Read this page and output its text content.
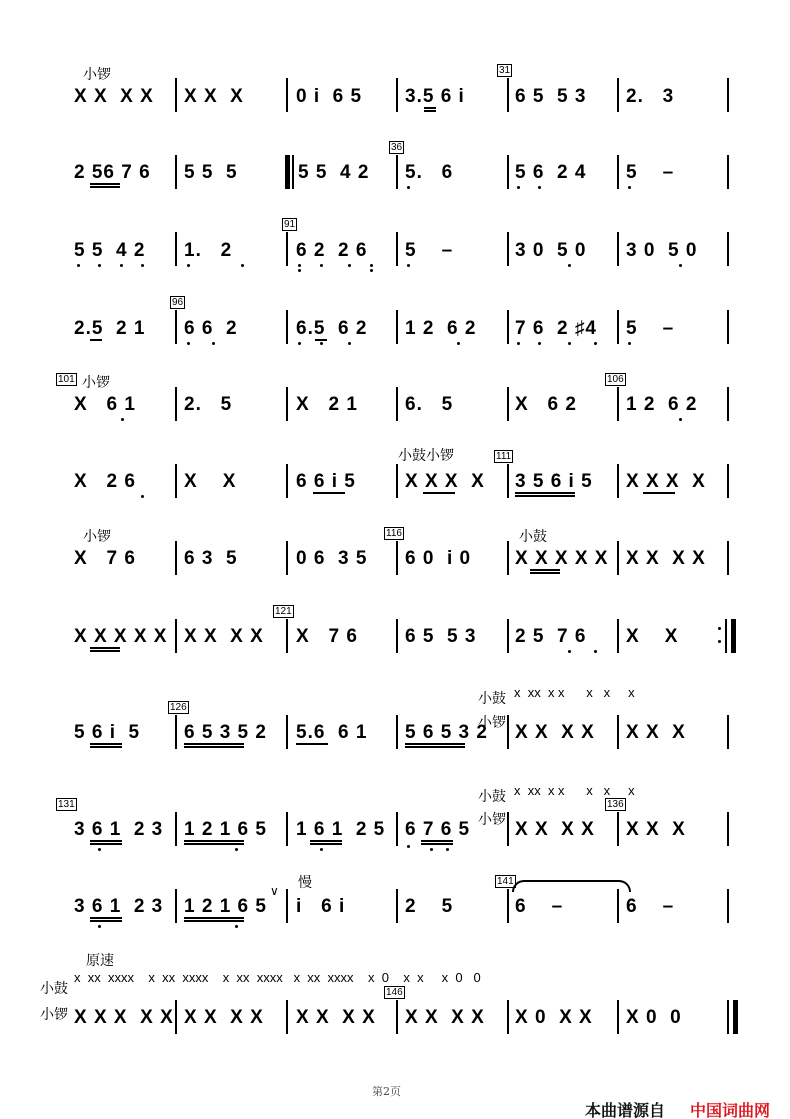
小锣
X X  X X X X  X	0 i  6 5 3.5 6 i
31
6 5  5 3 2.   3
2 56 7 6 5 5  5	5 5  4 2
36
5.   6	5 6  2 4 5    –
5 5  4 2 1.   2
91
6 2  2 6 5    –	3 0  5 0 3 0  5 0
2.5  2 1
96
6 6  2	6.5  6 2 1 2  6 2 7 6  2 ♯4 5    –
101 小锣
X   6 1	2.   5	X   2 1 6.   5	X   6 2
106
1 2  6 2
小鼓小锣
X   2 6	X    X	6 6 i 5	X X X  X
111
3 5 6 i 5 X X X  X
小锣	小鼓
X   7 6	6 3  5	0 6  3 5
116
6 0  i 0 X X X X X X X  X X
X X X X X X X  X X
121
X   7 6 6 5  5 3 2 5  7 6 X    X
x  xx  x x      x   x     x
小鼓
小锣
5 6 i  5
126
6 5 3 5 2 5.6  6 1 5 6 5 3 2 X X  X X X X  X
x  xx  x x      x   x     x
小鼓
小锣
131
3 6 1  2 3 1 2 1 6 5 1 6 1  2 5 6 7 6 5
136
X X  X X X X  X
慢
3 6 1  2 3 1 2 1 6 5
∨
i   6 i	2    5
141
6    –	6    –
原速
小鼓
小锣
x  xx  xxxx    x  xx  xxxx    x  xx  xxxx   x  xx  xxxx    x  0    x  x     x  0   0
146
X X X  X X X X  X X X X  X X X X  X X X 0  X X X 0  0
第2页
本曲谱源自 中国词曲网
